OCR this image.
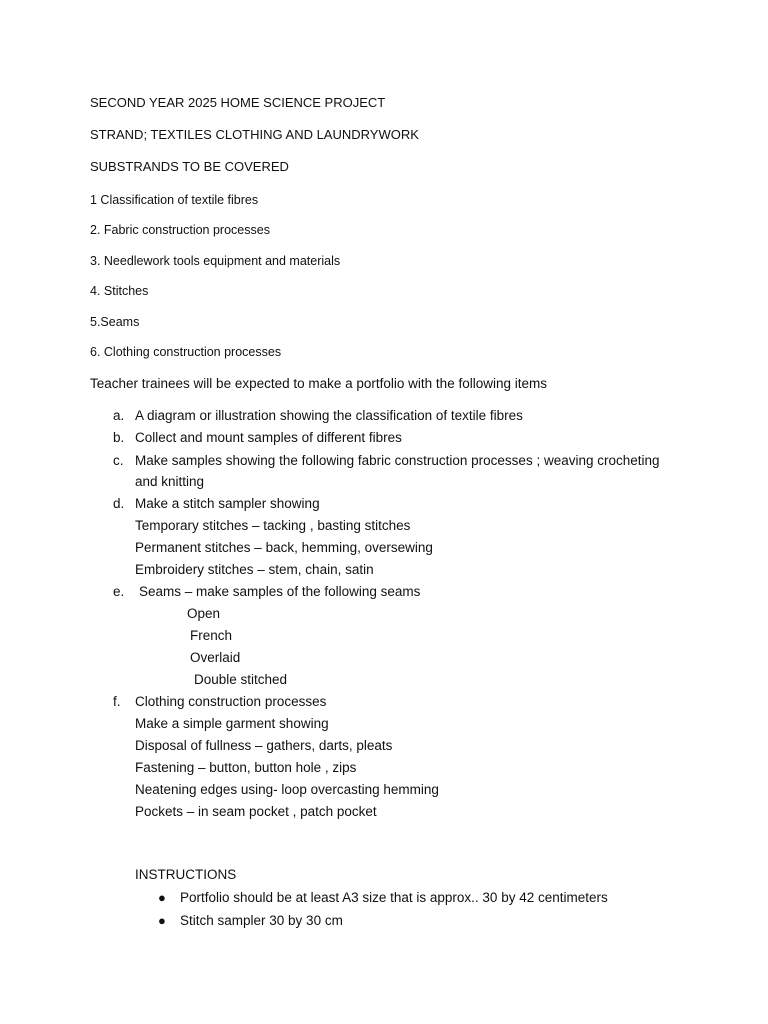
SECOND YEAR 2025 HOME SCIENCE PROJECT
STRAND; TEXTILES CLOTHING AND LAUNDRYWORK
SUBSTRANDS TO BE COVERED
1 Classification of textile fibres
2. Fabric construction processes
3. Needlework tools equipment and materials
4. Stitches
5.Seams
6. Clothing construction processes
Teacher trainees will be expected to make a portfolio with the following items
a. A diagram or illustration showing the classification of textile fibres
b. Collect and mount samples of different fibres
c. Make samples showing the following fabric construction processes ; weaving crocheting
and knitting
d. Make a stitch sampler showing
Temporary stitches – tacking , basting stitches
Permanent stitches – back, hemming, oversewing
Embroidery stitches – stem, chain, satin
e. Seams – make samples of the following seams
Open
French
Overlaid
Double stitched
f. Clothing construction processes
Make a simple garment showing
Disposal of fullness – gathers, darts, pleats
Fastening – button, button hole , zips
Neatening edges using- loop overcasting hemming
Pockets – in seam pocket , patch pocket
INSTRUCTIONS
● Portfolio should be at least A3 size that is approx.. 30 by 42 centimeters
● Stitch sampler 30 by 30 cm
